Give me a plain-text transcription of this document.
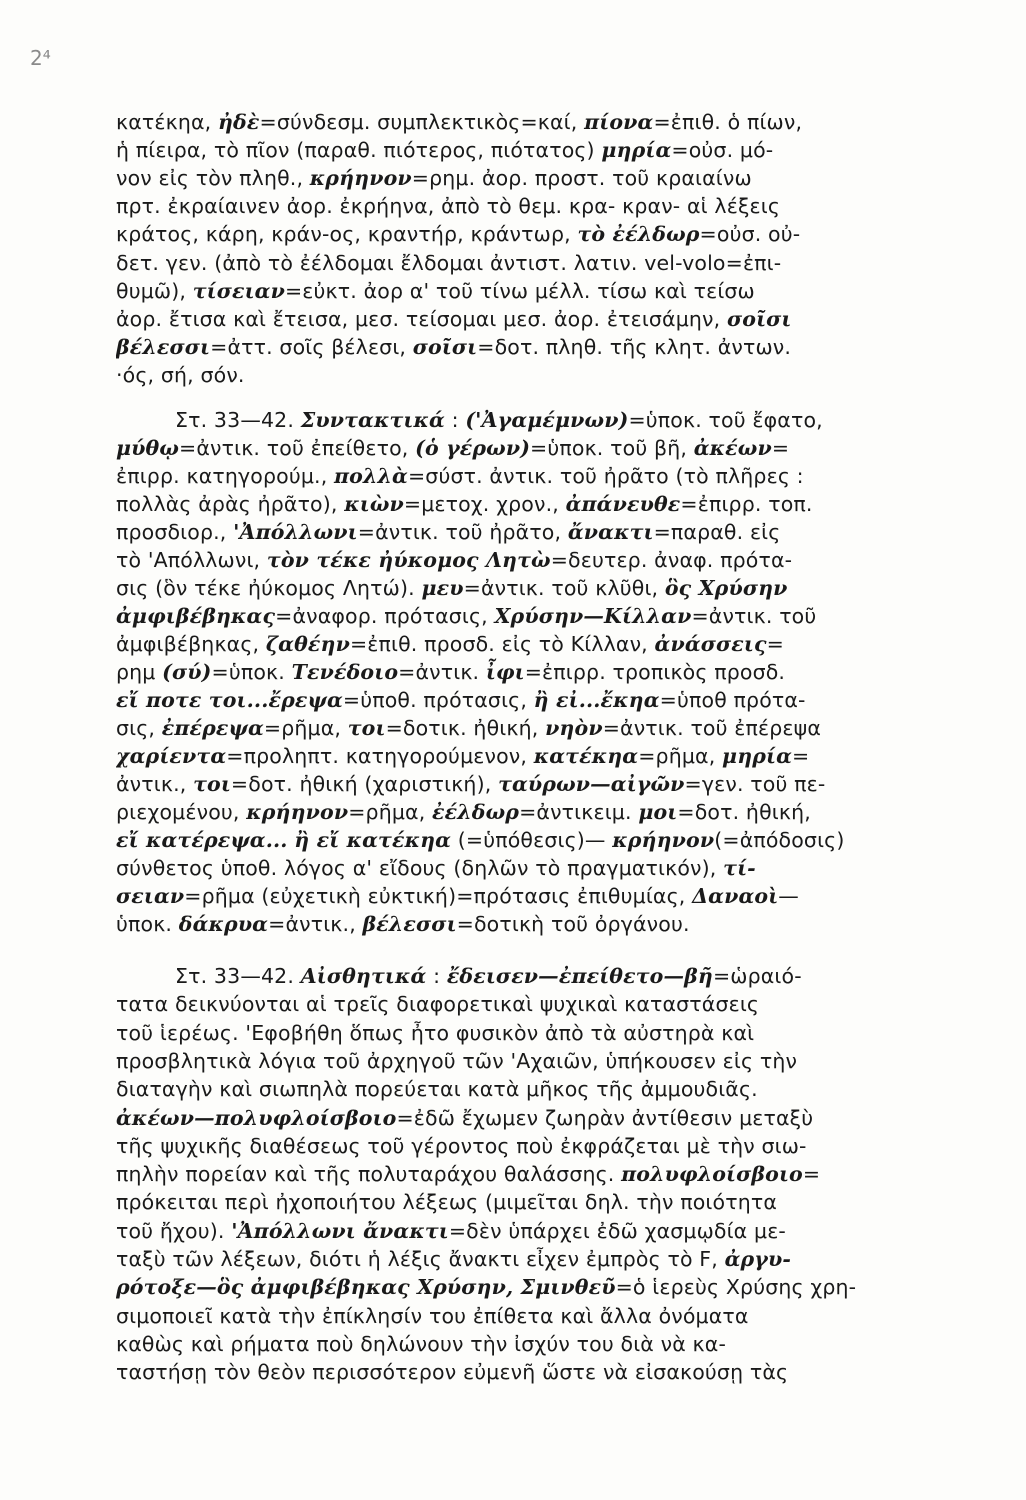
2⁴
κατέκηα, ἠδὲ=σύνδεσμ. συμπλεκτικὸς=καί, πίονα=ἐπιθ. ὁ πίων,
ἡ πίειρα, τὸ πῖον (παραθ. πιότερος, πιότατος) μηρία=οὐσ. μό-
νον εἰς τὸν πληθ., κρήηνον=ρημ. ἀορ. προστ. τοῦ κραιαίνω
πρτ. ἐκραίαινεν ἀορ. ἐκρήηνα, ἀπὸ τὸ θεμ. κρα- κραν- αἱ λέξεις
κράτος, κάρη, κράν-ος, κραντήρ, κράντωρ, τὸ ἐέλδωρ=οὐσ. οὐ-
δετ. γεν. (ἀπὸ τὸ ἐέλδομαι ἔλδομαι ἀντιστ. λατιν. vel-volo=ἐπι-
θυμῶ), τίσειαν=εὐκτ. ἀορ α' τοῦ τίνω μέλλ. τίσω καὶ τείσω
ἀορ. ἔτισα καὶ ἔτεισα, μεσ. τείσομαι μεσ. ἀορ. ἐτεισάμην, σοῖσι
βέλεσσι=ἀττ. σοῖς βέλεσι, σοῖσι=δοτ. πληθ. τῆς κλητ. ἀντων.
·ός, σή, σόν.
Στ. 33—42. Συντακτικά : ('Ἀγαμέμνων)=ὑποκ. τοῦ ἔφατο,
μύθῳ=ἀντικ. τοῦ ἐπείθετο, (ὁ γέρων)=ὑποκ. τοῦ βῆ, ἀκέων=
ἐπιρρ. κατηγορούμ., πολλὰ=σύστ. ἀντικ. τοῦ ἠρᾶτο (τὸ πλῆρες :
πολλὰς ἀρὰς ἠρᾶτο), κιὼν=μετοχ. χρον., ἀπάνευθε=ἐπιρρ. τοπ.
προσδιορ., 'Ἀπόλλωνι=ἀντικ. τοῦ ἠρᾶτο, ἄνακτι=παραθ. εἰς
τὸ 'Απόλλωνι, τὸν τέκε ἠύκομος Λητὼ=δευτερ. ἀναφ. πρότα-
σις (ὃν τέκε ἠύκομος Λητώ). μευ=ἀντικ. τοῦ κλῦθι, ὃς Χρύσην
ἀμφιβέβηκας=ἀναφορ. πρότασις, Χρύσην—Κίλλαν=ἀντικ. τοῦ
ἀμφιβέβηκας, ζαθέην=ἐπιθ. προσδ. εἰς τὸ Κίλλαν, ἀνάσσεις=
ρημ (σύ)=ὑποκ. Τενέδοιο=ἀντικ. ἶφι=ἐπιρρ. τροπικὸς προσδ.
εἴ ποτε τοι...ἔρεψα=ὑποθ. πρότασις, ἢ εἰ...ἔκηα=ὑποθ πρότα-
σις, ἐπέρεψα=ρῆμα, τοι=δοτικ. ἠθική, νηὸν=ἀντικ. τοῦ ἐπέρεψα
χαρίεντα=προληπτ. κατηγορούμενον, κατέκηα=ρῆμα, μηρία=
ἀντικ., τοι=δοτ. ἠθική (χαριστική), ταύρων—αἰγῶν=γεν. τοῦ πε-
ριεχομένου, κρήηνον=ρῆμα, ἐέλδωρ=ἀντικειμ. μοι=δοτ. ἠθική,
εἴ κατέρεψα... ἢ εἴ κατέκηα (=ὑπόθεσις)— κρήηνον(=ἀπόδοσις)
σύνθετος ὑποθ. λόγος α' εἴδους (δηλῶν τὸ πραγματικόν), τί-
σειαν=ρῆμα (εὐχετικὴ εὐκτική)=πρότασις ἐπιθυμίας, Δαναοὶ—
ὑποκ. δάκρυα=ἀντικ., βέλεσσι=δοτικὴ τοῦ ὀργάνου.
Στ. 33—42. Αἰσθητικά : ἔδεισεν—ἐπείθετο—βῆ=ὡραιό-
τατα δεικνύονται αἱ τρεῖς διαφορετικαὶ ψυχικαὶ καταστάσεις
τοῦ ἱερέως. 'Εφοβήθη ὅπως ἦτο φυσικὸν ἀπὸ τὰ αὐστηρὰ καὶ
προσβλητικὰ λόγια τοῦ ἀρχηγοῦ τῶν 'Αχαιῶν, ὑπήκουσεν εἰς τὴν
διαταγὴν καὶ σιωπηλὰ πορεύεται κατὰ μῆκος τῆς ἀμμουδιᾶς.
ἀκέων—πολυφλοίσβοιο=ἐδῶ ἔχωμεν ζωηρὰν ἀντίθεσιν μεταξὺ
τῆς ψυχικῆς διαθέσεως τοῦ γέροντος ποὺ ἐκφράζεται μὲ τὴν σιω-
πηλὴν πορείαν καὶ τῆς πολυταράχου θαλάσσης. πολυφλοίσβοιο=
πρόκειται περὶ ἠχοποιήτου λέξεως (μιμεῖται δηλ. τὴν ποιότητα
τοῦ ἤχου). 'Ἀπόλλωνι ἄνακτι=δὲν ὑπάρχει ἐδῶ χασμῳδία με-
ταξὺ τῶν λέξεων, διότι ἡ λέξις ἄνακτι εἶχεν ἐμπρὸς τὸ F, ἀργυ-
ρότοξε—ὃς ἀμφιβέβηκας Χρύσην, Σμινθεῦ=ὁ ἱερεὺς Χρύσης χρη-
σιμοποιεῖ κατὰ τὴν ἐπίκλησίν του ἐπίθετα καὶ ἄλλα ὀνόματα
καθὼς καὶ ρήματα ποὺ δηλώνουν τὴν ἰσχύν του διὰ νὰ κα-
ταστήσῃ τὸν θεὸν περισσότερον εὐμενῆ ὥστε νὰ εἰσακούσῃ τὰς
